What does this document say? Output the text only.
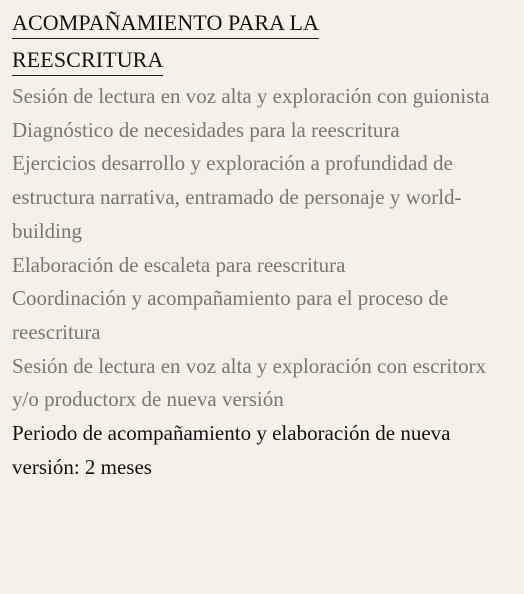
ACOMPAÑAMIENTO PARA LA
REESCRITURA
Sesión de lectura en voz alta y exploración con guionista
Diagnóstico de necesidades para la reescritura
Ejercicios desarrollo y exploración a profundidad de estructura narrativa, entramado de personaje y world-building
Elaboración de escaleta para reescritura
Coordinación y acompañamiento para el proceso de reescritura
Sesión de lectura en voz alta y exploración con escritorx y/o productorx de nueva versión

Periodo de acompañamiento y elaboración de nueva versión: 2 meses
